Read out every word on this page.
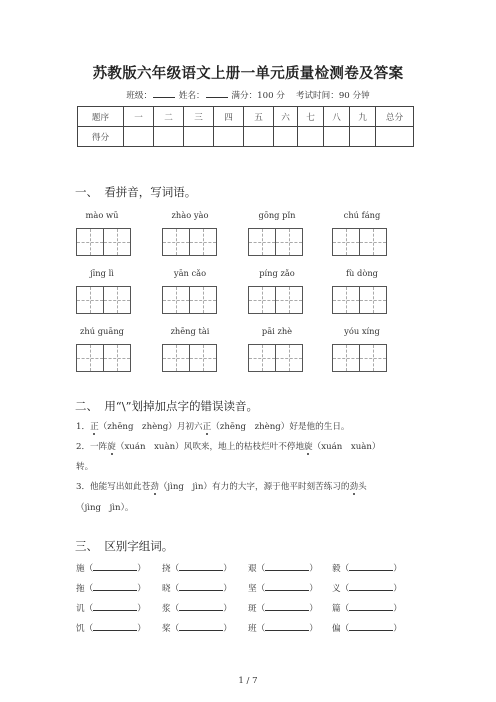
苏教版六年级语文上册一单元质量检测卷及答案
班级：	姓名：	满分：100 分 考试时间：90 分钟
题序	一	二	三	四	五	六	七	八	九	总分
得分										
一、 看拼音，写词语。
mào wū	zhào yào	gōng pǐn	chú fáng
jīng lì	yān cǎo	píng zǎo	fù dòng
zhú guāng	zhēng tài	pāi zhè	yóu xíng
二、 用“\”划掉加点字的错误读音。
1．正（zhēng　zhèng）月初六正（zhēng　zhèng）好是他的生日。
2．一阵旋（xuán　xuàn）风吹来，地上的枯枝烂叶不停地旋（xuán　xuàn）
转。
3．他能写出如此苍劲（jìng　jìn）有力的大字，源于他平时刻苦练习的劲头
（jìng　jìn）。
三、 区别字组词。
施（	） 挠（	） 艰（	） 毅（	）
拖（	） 晓（	） 坚（	） 义（	）
讥（	） 浆（	） 斑（	） 篇（	）
饥（	） 桨（	） 班（	） 偏（	）
1 / 7
